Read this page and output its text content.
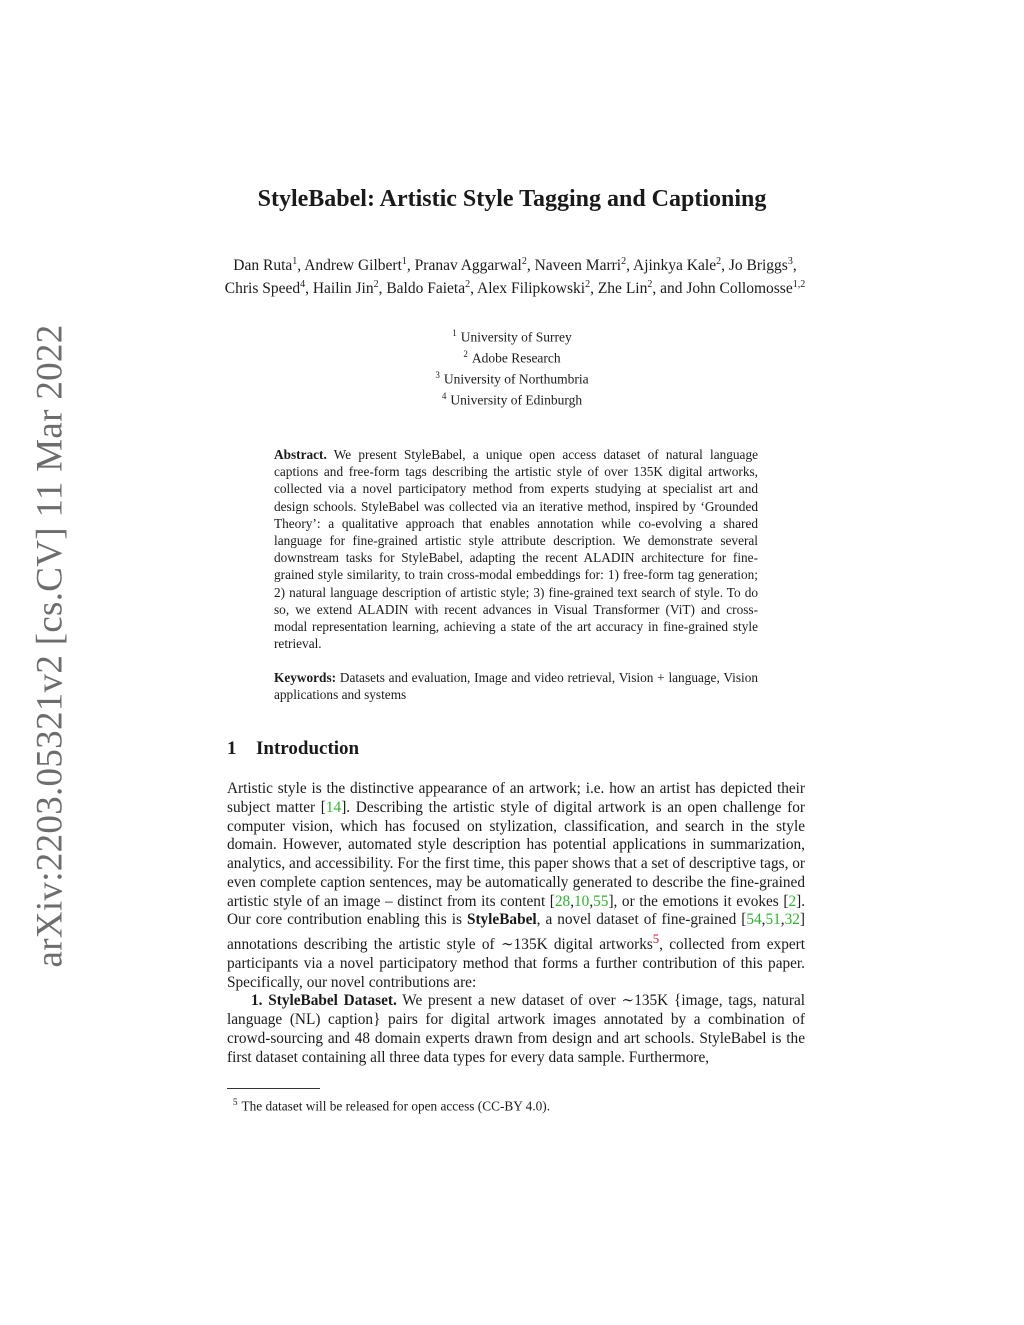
arXiv:2203.05321v2 [cs.CV] 11 Mar 2022
StyleBabel: Artistic Style Tagging and Captioning
Dan Ruta$^1$, Andrew Gilbert$^1$, Pranav Aggarwal$^2$, Naveen Marri$^2$, Ajinkya Kale$^2$, Jo Briggs$^3$, Chris Speed$^4$, Hailin Jin$^2$, Baldo Faieta$^2$, Alex Filipkowski$^2$, Zhe Lin$^2$, and John Collomosse$^{1,2}$
$^1$ University of Surrey
$^2$ Adobe Research
$^3$ University of Northumbria
$^4$ University of Edinburgh
Abstract. We present StyleBabel, a unique open access dataset of natural language captions and free-form tags describing the artistic style of over 135K digital artworks, collected via a novel participatory method from experts studying at specialist art and design schools. StyleBabel was collected via an iterative method, inspired by ‘Grounded Theory’: a qualitative approach that enables annotation while co-evolving a shared language for fine-grained artistic style attribute description. We demonstrate several downstream tasks for StyleBabel, adapting the recent ALADIN architecture for fine-grained style similarity, to train cross-modal embeddings for: 1) free-form tag generation; 2) natural language description of artistic style; 3) fine-grained text search of style. To do so, we extend ALADIN with recent advances in Visual Transformer (ViT) and cross-modal representation learning, achieving a state of the art accuracy in fine-grained style retrieval.
Keywords: Datasets and evaluation, Image and video retrieval, Vision + language, Vision applications and systems
1 Introduction

Artistic style is the distinctive appearance of an artwork; i.e. how an artist has depicted their subject matter [14]. Describing the artistic style of digital artwork is an open challenge for computer vision, which has focused on stylization, classification, and search in the style domain. However, automated style description has potential applications in summarization, analytics, and accessibility. For the first time, this paper shows that a set of descriptive tags, or even complete caption sentences, may be automatically generated to describe the fine-grained artistic style of an image – distinct from its content [28,10,55], or the emotions it evokes [2]. Our core contribution enabling this is StyleBabel, a novel dataset of fine-grained [54,51,32] annotations describing the artistic style of ∼135K digital artworks$^5$, collected from expert participants via a novel participatory method that forms a further contribution of this paper. Specifically, our novel contributions are:

1. StyleBabel Dataset. We present a new dataset of over ∼135K {image, tags, natural language (NL) caption} pairs for digital artwork images annotated by a combination of crowd-sourcing and 48 domain experts drawn from design and art schools. StyleBabel is the first dataset containing all three data types for every data sample. Furthermore,

$^5$ The dataset will be released for open access (CC-BY 4.0).
